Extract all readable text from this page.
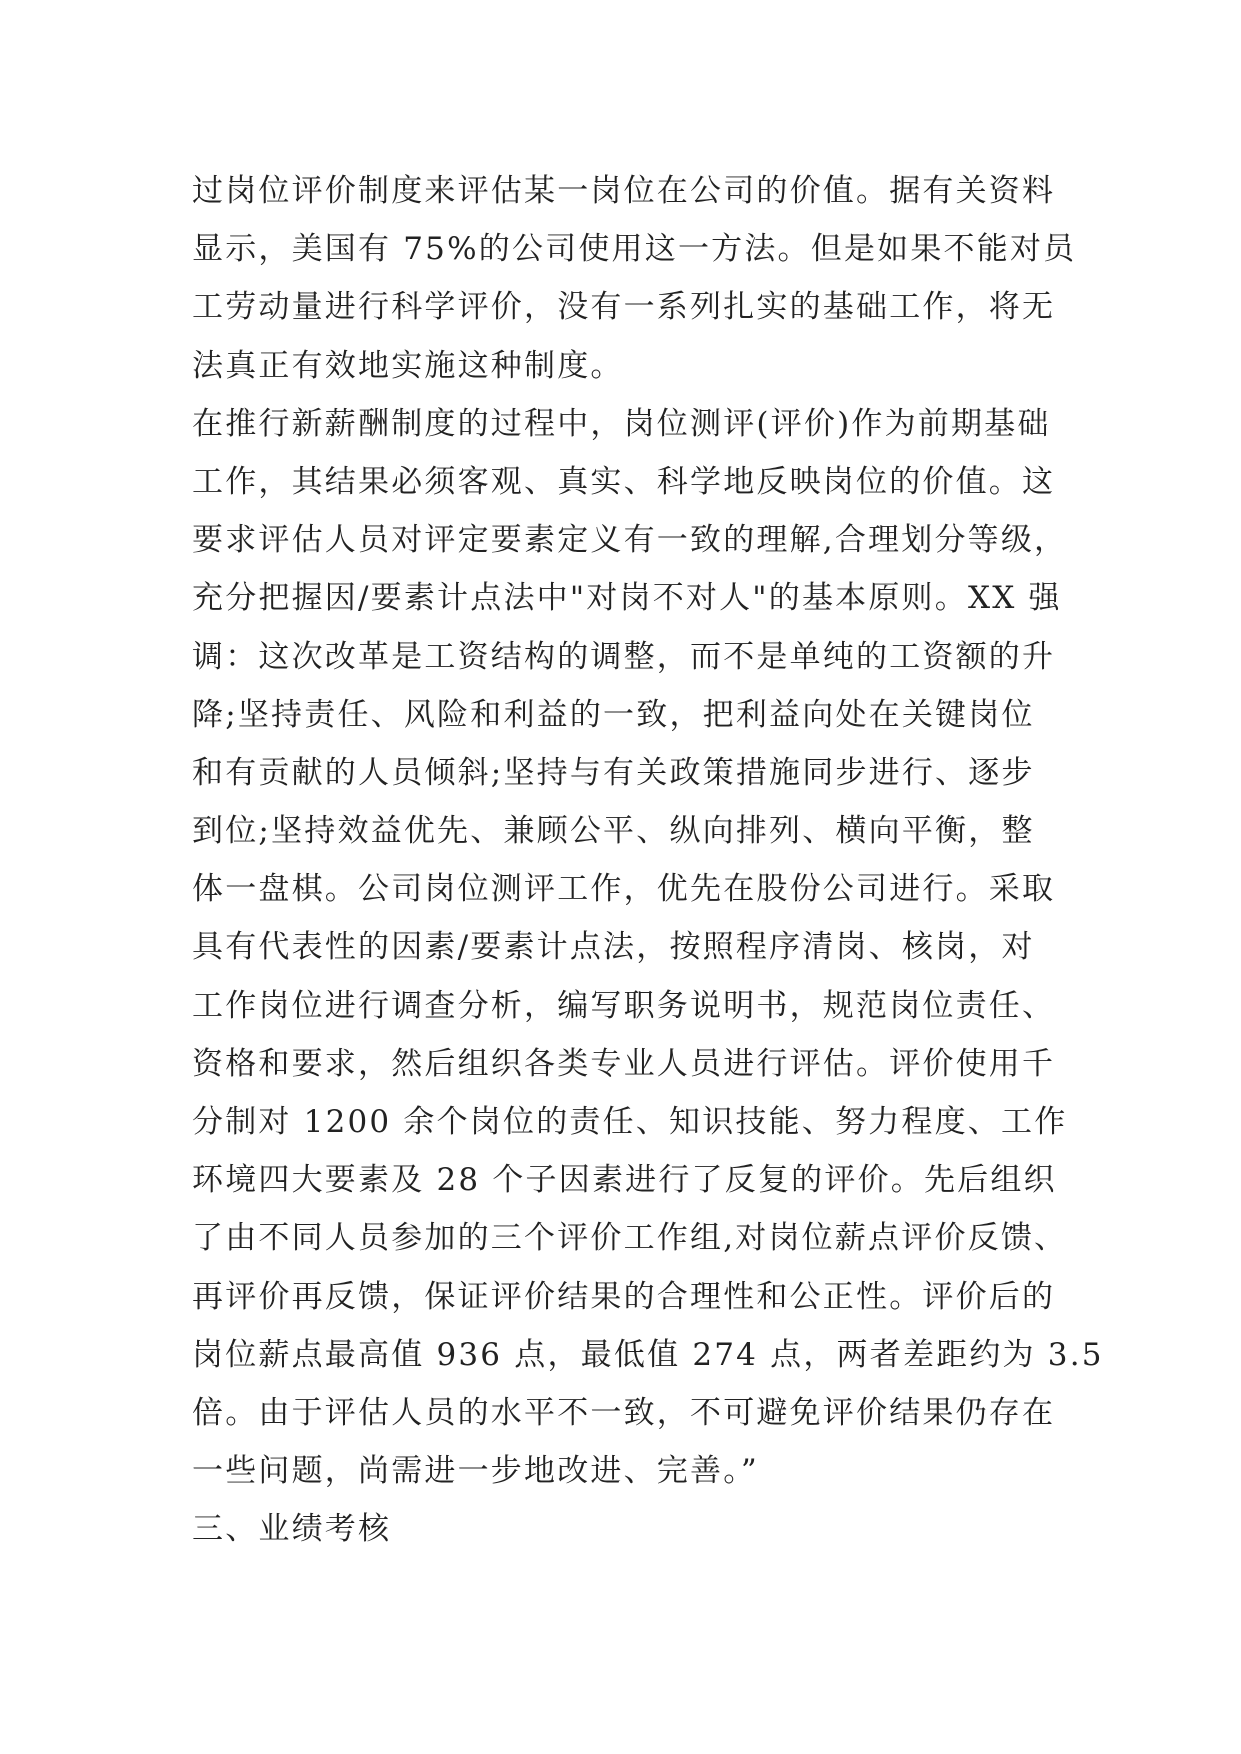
过岗位评价制度来评估某一岗位在公司的价值。据有关资料
显示，美国有 75%的公司使用这一方法。但是如果不能对员
工劳动量进行科学评价，没有一系列扎实的基础工作，将无
法真正有效地实施这种制度。
在推行新薪酬制度的过程中，岗位测评(评价)作为前期基础
工作，其结果必须客观、真实、科学地反映岗位的价值。这
要求评估人员对评定要素定义有一致的理解,合理划分等级，
充分把握因/要素计点法中"对岗不对人"的基本原则。XX 强
调：这次改革是工资结构的调整，而不是单纯的工资额的升
降;坚持责任、风险和利益的一致，把利益向处在关键岗位
和有贡献的人员倾斜;坚持与有关政策措施同步进行、逐步
到位;坚持效益优先、兼顾公平、纵向排列、横向平衡，整
体一盘棋。公司岗位测评工作，优先在股份公司进行。采取
具有代表性的因素/要素计点法，按照程序清岗、核岗，对
工作岗位进行调查分析，编写职务说明书，规范岗位责任、
资格和要求，然后组织各类专业人员进行评估。评价使用千
分制对 1200 余个岗位的责任、知识技能、努力程度、工作
环境四大要素及 28 个子因素进行了反复的评价。先后组织
了由不同人员参加的三个评价工作组,对岗位薪点评价反馈、
再评价再反馈，保证评价结果的合理性和公正性。评价后的
岗位薪点最高值 936 点，最低值 274 点，两者差距约为 3.5
倍。由于评估人员的水平不一致，不可避免评价结果仍存在
一些问题，尚需进一步地改进、完善。”
三、业绩考核
